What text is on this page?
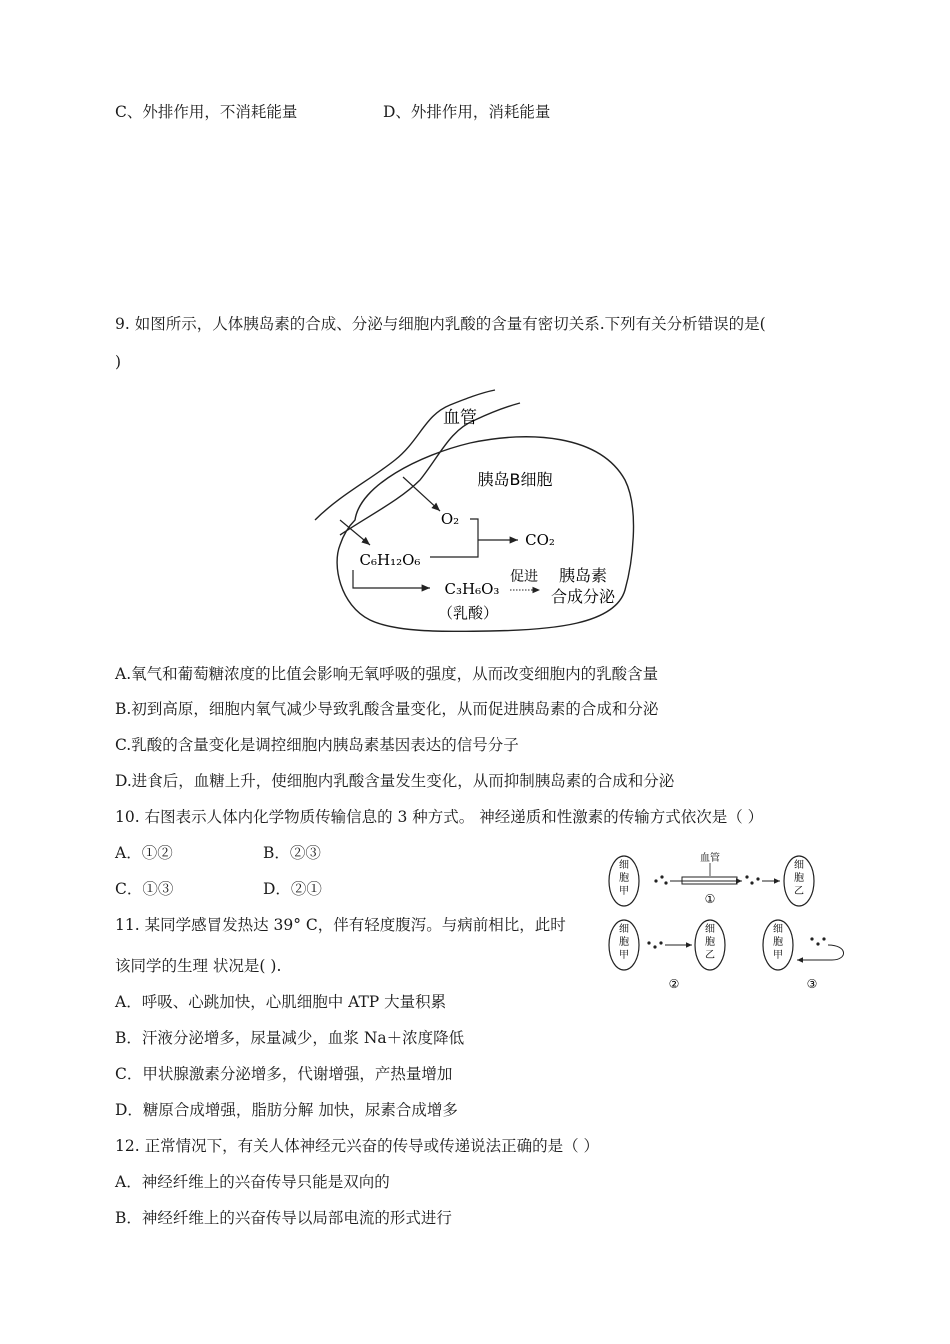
C、外排作用，不消耗能量	D、外排作用，消耗能量
9. 如图所示，人体胰岛素的合成、分泌与细胞内乳酸的含量有密切关系.下列有关分析错误的是(
)
血管
胰岛B细胞
O₂
C₆H₁₂O₆
CO₂
C₃H₆O₃
（乳酸）
促进 胰岛素
合成分泌
A.氧气和葡萄糖浓度的比值会影响无氧呼吸的强度，从而改变细胞内的乳酸含量
B.初到高原，细胞内氧气减少导致乳酸含量变化，从而促进胰岛素的合成和分泌
C.乳酸的含量变化是调控细胞内胰岛素基因表达的信号分子
D.进食后，血糖上升，使细胞内乳酸含量发生变化，从而抑制胰岛素的合成和分泌
10. 右图表示人体内化学物质传输信息的 3 种方式。 神经递质和性激素的传输方式依次是（ ）
A．①②	B．②③
C．①③	D．②①
细
胞
甲
血管
细
胞
乙
①
细
胞
甲
细
胞
乙
②
细
胞
甲
③
11. 某同学感冒发热达 39° C，伴有轻度腹泻。与病前相比，此时
该同学的生理 状况是( ).
A．呼吸、心跳加快，心肌细胞中 ATP 大量积累
B．汗液分泌增多，尿量减少，血浆 Na＋浓度降低
C．甲状腺激素分泌增多，代谢增强，产热量增加
D．糖原合成增强，脂肪分解 加快，尿素合成增多
12. 正常情况下，有关人体神经元兴奋的传导或传递说法正确的是（ ）
A．神经纤维上的兴奋传导只能是双向的
B．神经纤维上的兴奋传导以局部电流的形式进行
